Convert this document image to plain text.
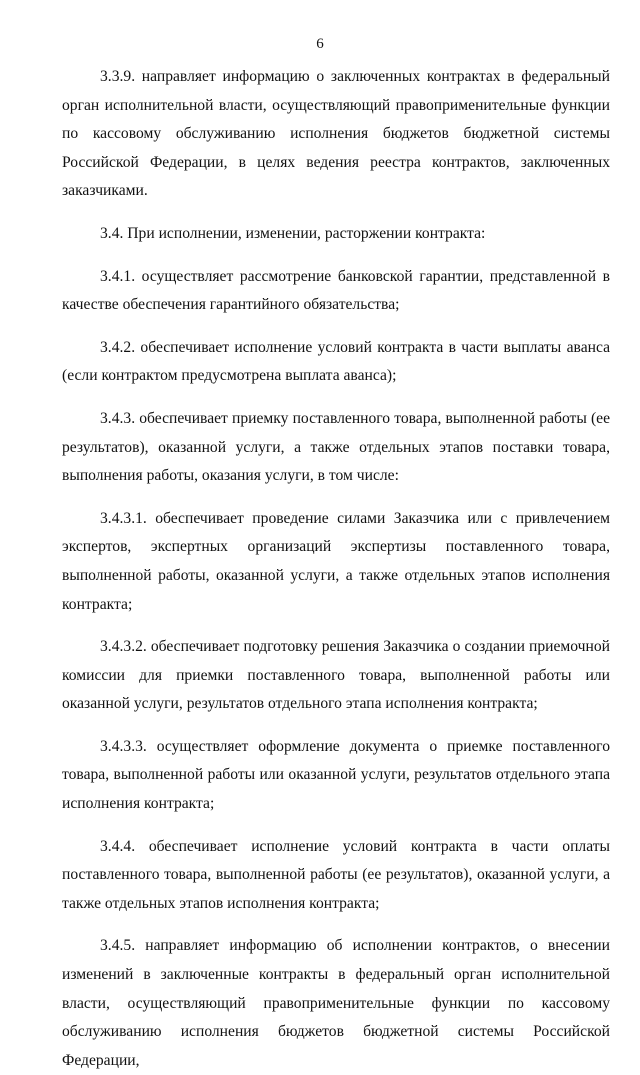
6

3.3.9. направляет информацию о заключенных контрактах в федеральный орган исполнительной власти, осуществляющий правоприменительные функции по кассовому обслуживанию исполнения бюджетов бюджетной системы Российской Федерации, в целях ведения реестра контрактов, заключенных заказчиками.

3.4. При исполнении, изменении, расторжении контракта:

3.4.1. осуществляет рассмотрение банковской гарантии, представленной в качестве обеспечения гарантийного обязательства;

3.4.2. обеспечивает исполнение условий контракта в части выплаты аванса (если контрактом предусмотрена выплата аванса);

3.4.3. обеспечивает приемку поставленного товара, выполненной работы (ее результатов), оказанной услуги, а также отдельных этапов поставки товара, выполнения работы, оказания услуги, в том числе:

3.4.3.1. обеспечивает проведение силами Заказчика или с привлечением экспертов, экспертных организаций экспертизы поставленного товара, выполненной работы, оказанной услуги, а также отдельных этапов исполнения контракта;

3.4.3.2. обеспечивает подготовку решения Заказчика о создании приемочной комиссии для приемки поставленного товара, выполненной работы или оказанной услуги, результатов отдельного этапа исполнения контракта;

3.4.3.3. осуществляет оформление документа о приемке поставленного товара, выполненной работы или оказанной услуги, результатов отдельного этапа исполнения контракта;

3.4.4. обеспечивает исполнение условий контракта в части оплаты поставленного товара, выполненной работы (ее результатов), оказанной услуги, а также отдельных этапов исполнения контракта;

3.4.5. направляет информацию об исполнении контрактов, о внесении изменений в заключенные контракты в федеральный орган исполнительной власти, осуществляющий правоприменительные функции по кассовому обслуживанию исполнения бюджетов бюджетной системы Российской Федерации,
